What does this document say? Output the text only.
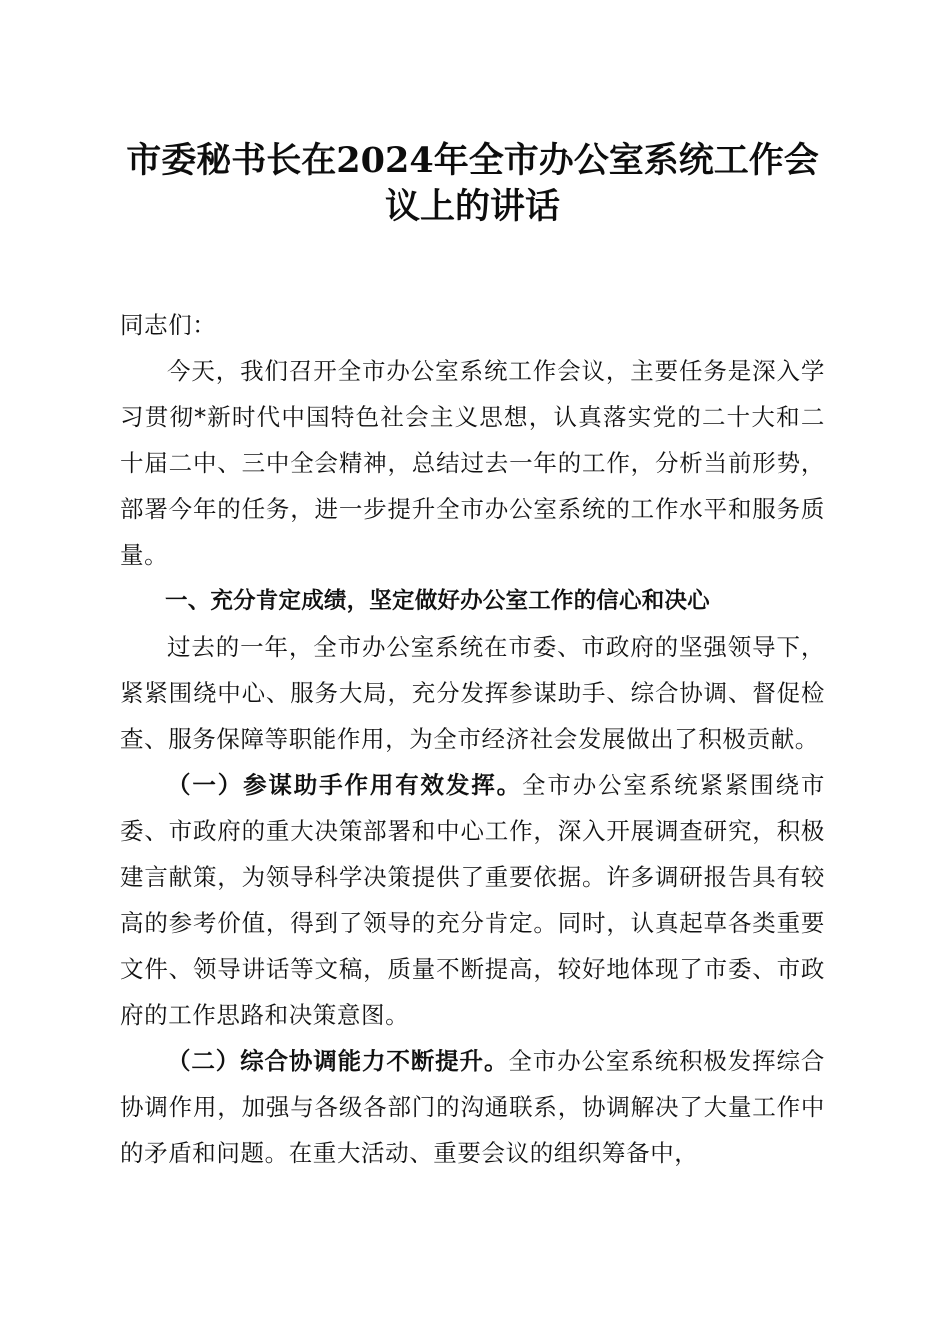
市委秘书长在2024年全市办公室系统工作会
议上的讲话

同志们：

今天，我们召开全市办公室系统工作会议，主要任务是深入学习贯彻*新时代中国特色社会主义思想，认真落实党的二十大和二十届二中、三中全会精神，总结过去一年的工作，分析当前形势，部署今年的任务，进一步提升全市办公室系统的工作水平和服务质量。

一、充分肯定成绩，坚定做好办公室工作的信心和决心

过去的一年，全市办公室系统在市委、市政府的坚强领导下，紧紧围绕中心、服务大局，充分发挥参谋助手、综合协调、督促检查、服务保障等职能作用，为全市经济社会发展做出了积极贡献。

（一）参谋助手作用有效发挥。全市办公室系统紧紧围绕市委、市政府的重大决策部署和中心工作，深入开展调查研究，积极建言献策，为领导科学决策提供了重要依据。许多调研报告具有较高的参考价值，得到了领导的充分肯定。同时，认真起草各类重要文件、领导讲话等文稿，质量不断提高，较好地体现了市委、市政府的工作思路和决策意图。

（二）综合协调能力不断提升。全市办公室系统积极发挥综合协调作用，加强与各级各部门的沟通联系，协调解决了大量工作中的矛盾和问题。在重大活动、重要会议的组织筹备中，
